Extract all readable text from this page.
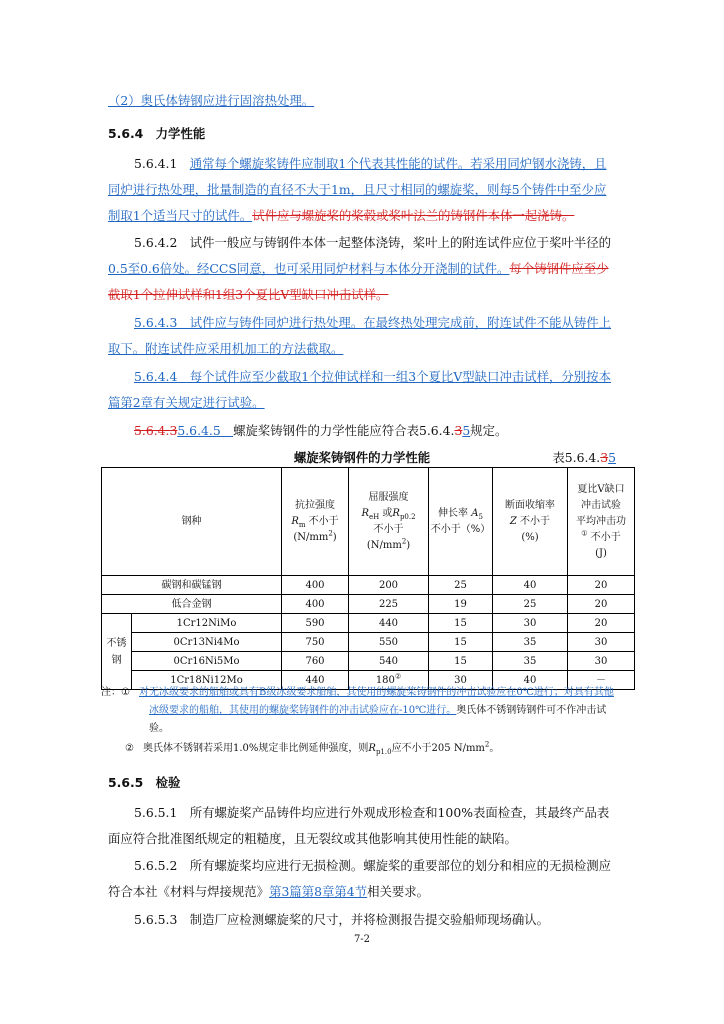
（2）奥氏体铸钢应进行固溶热处理。
5.6.4　力学性能
5.6.4.1　通常每个螺旋桨铸件应制取1个代表其性能的试件。若采用同炉钢水浇铸，且同炉进行热处理，批量制造的直径不大于1m，且尺寸相同的螺旋桨，则每5个铸件中至少应制取1个适当尺寸的试件。试件应与螺旋桨的桨毂或桨叶法兰的铸钢件本体一起浇铸。
5.6.4.2　试件一般应与铸钢件本体一起整体浇铸，桨叶上的附连试件应位于桨叶半径的0.5至0.6倍处。经CCS同意，也可采用同炉材料与本体分开浇制的试件。每个铸钢件应至少截取1个拉伸试样和1组3个夏比V型缺口冲击试样。
5.6.4.3　试件应与铸件同炉进行热处理。在最终热处理完成前，附连试件不能从铸件上取下。附连试件应采用机加工的方法截取。
5.6.4.4　每个试件应至少截取1个拉伸试样和一组3个夏比V型缺口冲击试样，分别按本篇第2章有关规定进行试验。
5.6.4.35.6.4.5　螺旋桨铸钢件的力学性能应符合表5.6.4.35规定。
螺旋桨铸钢件的力学性能	表5.6.4.35
钢种		抗拉强度
$R_m$ 不小于
$(N/mm^2)$	屈服强度
$R_{eH}$ 或$R_{p0.2}$
不小于
$(N/mm^2)$	伸长率 $A_5$
不小于（%）	断面收缩率
Z 不小于
(%)	夏比V缺口
冲击试验
平均冲击功
① 不小于
(J)
碳钢和碳锰钢		400	200	25	40	20
低合金钢		400	225	19	25	20
不锈钢	1Cr12NiMo	590	440	15	30	20
	0Cr13Ni4Mo	750	550	15	35	30
	0Cr16Ni5Mo	760	540	15	35	30
	1Cr18Ni12Mo	440	180②	30	40	－
注：① 对无冰级要求的船舶或具有B级冰级要求船舶，其使用的螺旋桨铸钢件的冲击试验应在0℃进行；对具有其他冰级要求的船舶，其使用的螺旋桨铸钢件的冲击试验应在-10℃进行。奥氏体不锈钢铸钢件可不作冲击试验。
② 奥氏体不锈钢若采用1.0%规定非比例延伸强度，则$R_{p1.0}$应不小于205 $N/mm^2$。
5.6.5　检验
5.6.5.1　所有螺旋桨产品铸件均应进行外观成形检查和100%表面检查，其最终产品表面应符合批准图纸规定的粗糙度，且无裂纹或其他影响其使用性能的缺陷。
5.6.5.2　所有螺旋桨均应进行无损检测。螺旋桨的重要部位的划分和相应的无损检测应符合本社《材料与焊接规范》第3篇第8章第4节相关要求。
5.6.5.3　制造厂应检测螺旋桨的尺寸，并将检测报告提交验船师现场确认。
7-2
